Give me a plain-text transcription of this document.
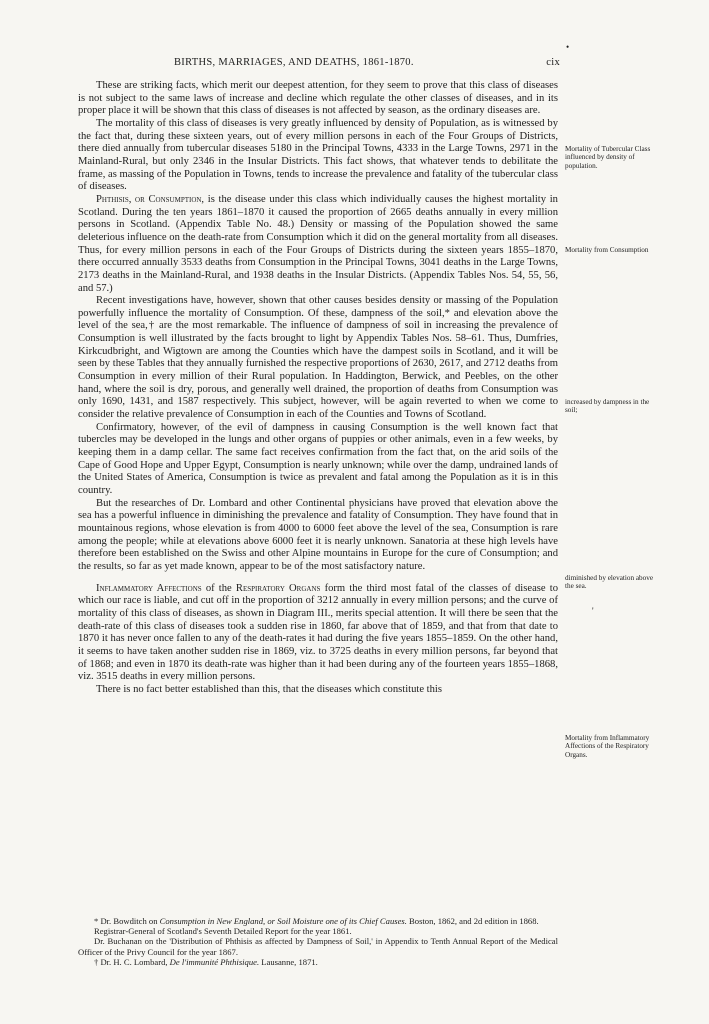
•
BIRTHS, MARRIAGES, AND DEATHS, 1861-1870.	cix

These are striking facts, which merit our deepest attention, for they seem to prove that this class of diseases is not subject to the same laws of increase and decline which regulate the other classes of diseases, and in its proper place it will be shown that this class of diseases is not affected by season, as the ordinary diseases are.

The mortality of this class of diseases is very greatly influenced by density of Population, as is witnessed by the fact that, during these sixteen years, out of every million persons in each of the Four Groups of Districts, there died annually from tubercular diseases 5180 in the Principal Towns, 4333 in the Large Towns, 2971 in the Mainland-Rural, but only 2346 in the Insular Districts. This fact shows, that whatever tends to debilitate the frame, as massing of the Population in Towns, tends to increase the prevalence and fatality of the tubercular class of diseases.

Phthisis, or Consumption, is the disease under this class which individually causes the highest mortality in Scotland. During the ten years 1861–1870 it caused the proportion of 2665 deaths annually in every million persons in Scotland. (Appendix Table No. 48.) Density or massing of the Population showed the same deleterious influence on the death-rate from Consumption which it did on the general mortality from all diseases. Thus, for every million persons in each of the Four Groups of Districts during the sixteen years 1855–1870, there occurred annually 3533 deaths from Consumption in the Principal Towns, 3041 deaths in the Large Towns, 2173 deaths in the Mainland-Rural, and 1938 deaths in the Insular Districts. (Appendix Tables Nos. 54, 55, 56, and 57.)

Recent investigations have, however, shown that other causes besides density or massing of the Population powerfully influence the mortality of Consumption. Of these, dampness of the soil,* and elevation above the level of the sea,† are the most remarkable. The influence of dampness of soil in increasing the prevalence of Consumption is well illustrated by the facts brought to light by Appendix Tables Nos. 58–61. Thus, Dumfries, Kirkcudbright, and Wigtown are among the Counties which have the dampest soils in Scotland, and it will be seen by these Tables that they annually furnished the respective proportions of 2630, 2617, and 2712 deaths from Consumption in every million of their Rural population. In Haddington, Berwick, and Peebles, on the other hand, where the soil is dry, porous, and generally well drained, the proportion of deaths from Consumption was only 1690, 1431, and 1587 respectively. This subject, however, will be again reverted to when we come to consider the relative prevalence of Consumption in each of the Counties and Towns of Scotland.

Confirmatory, however, of the evil of dampness in causing Consumption is the well known fact that tubercles may be developed in the lungs and other organs of puppies or other animals, even in a few weeks, by keeping them in a damp cellar. The same fact receives confirmation from the fact that, on the arid soils of the Cape of Good Hope and Upper Egypt, Consumption is nearly unknown; while over the damp, undrained lands of the United States of America, Consumption is twice as prevalent and fatal among the Population as it is in this country.

But the researches of Dr. Lombard and other Continental physicians have proved that elevation above the sea has a powerful influence in diminishing the prevalence and fatality of Consumption. They have found that in mountainous regions, whose elevation is from 4000 to 6000 feet above the level of the sea, Consumption is rare among the people; while at elevations above 6000 feet it is nearly unknown. Sanatoria at these high levels have therefore been established on the Swiss and other Alpine mountains in Europe for the cure of Consumption; and the results, so far as yet made known, appear to be of the most satisfactory nature.

Inflammatory Affections of the Respiratory Organs form the third most fatal of the classes of disease to which our race is liable, and cut off in the proportion of 3212 annually in every million persons; and the curve of mortality of this class of diseases, as shown in Diagram III., merits special attention. It will there be seen that the death-rate of this class of diseases took a sudden rise in 1860, far above that of 1859, and that from that date to 1870 it has never once fallen to any of the death-rates it had during the five years 1855–1859. On the other hand, it seems to have taken another sudden rise in 1869, viz. to 3725 deaths in every million persons, far beyond that of 1868; and even in 1870 its death-rate was higher than it had been during any of the fourteen years 1855–1868, viz. 3515 deaths in every million persons.

There is no fact better established than this, that the diseases which constitute this

Mortality of Tubercular Class influenced by density of population.
Mortality from Consumption
increased by dampness in the soil;
diminished by elevation above the sea.
Mortality from Inflammatory Affections of the Respiratory Organs.
'

* Dr. Bowditch on Consumption in New England, or Soil Moisture one of its Chief Causes. Boston, 1862, and 2d edition in 1868.

Registrar-General of Scotland's Seventh Detailed Report for the year 1861.

Dr. Buchanan on the 'Distribution of Phthisis as affected by Dampness of Soil,' in Appendix to Tenth Annual Report of the Medical Officer of the Privy Council for the year 1867.

† Dr. H. C. Lombard, De l'immunité Phthisique. Lausanne, 1871.
